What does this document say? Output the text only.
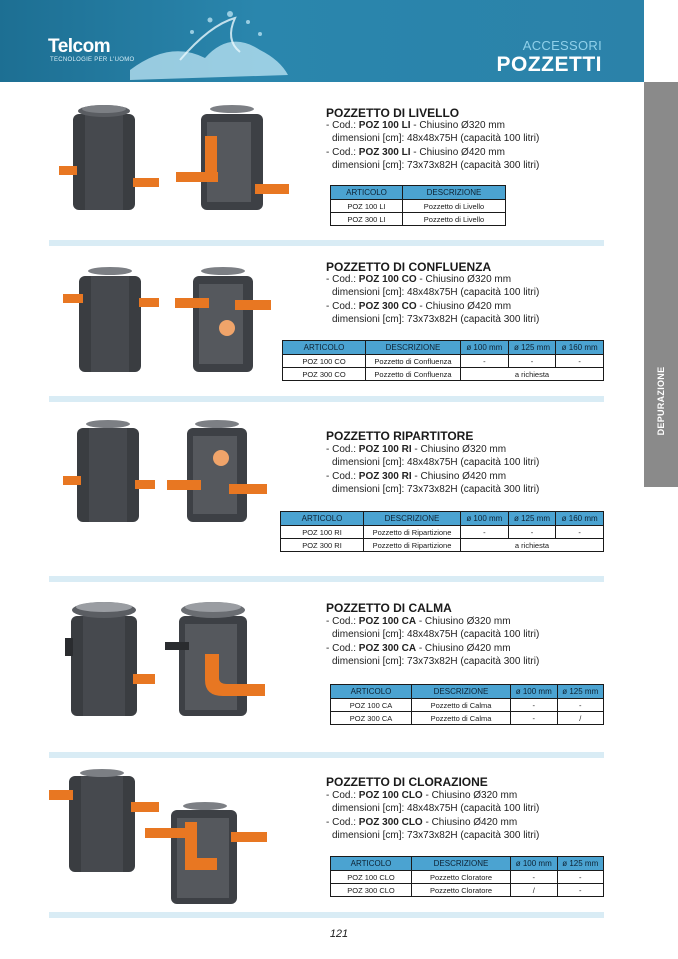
Telcom
TECNOLOGIE PER L'UOMO
ACCESSORI
POZZETTI
DEPURAZIONE
POZZETTO DI LIVELLO
- Cod.: POZ 100 LI - Chiusino Ø320 mm
dimensioni [cm]: 48x48x75H (capacità 100 litri)
- Cod.: POZ 300 LI - Chiusino Ø420 mm
dimensioni [cm]: 73x73x82H (capacità 300 litri)
ARTICOLO	DESCRIZIONE
POZ 100 LI	Pozzetto di Livello
POZ 300 LI	Pozzetto di Livello
POZZETTO DI CONFLUENZA
- Cod.: POZ 100 CO - Chiusino Ø320 mm
dimensioni [cm]: 48x48x75H (capacità 100 litri)
- Cod.: POZ 300 CO - Chiusino Ø420 mm
dimensioni [cm]: 73x73x82H (capacità 300 litri)
ARTICOLO	DESCRIZIONE	ø 100 mm	ø 125 mm	ø 160 mm
POZ 100 CO	Pozzetto di Confluenza	-	-	-
POZ 300 CO	Pozzetto di Confluenza	a richiesta		
POZZETTO RIPARTITORE
- Cod.: POZ 100 RI - Chiusino Ø320 mm
dimensioni [cm]: 48x48x75H (capacità 100 litri)
- Cod.: POZ 300 RI - Chiusino Ø420 mm
dimensioni [cm]: 73x73x82H (capacità 300 litri)
ARTICOLO	DESCRIZIONE	ø 100 mm	ø 125 mm	ø 160 mm
POZ 100 RI	Pozzetto di Ripartizione	-	-	-
POZ 300 RI	Pozzetto di Ripartizione	a richiesta		
POZZETTO DI CALMA
- Cod.: POZ 100 CA - Chiusino Ø320 mm
dimensioni [cm]: 48x48x75H (capacità 100 litri)
- Cod.: POZ 300 CA - Chiusino Ø420 mm
dimensioni [cm]: 73x73x82H (capacità 300 litri)
ARTICOLO	DESCRIZIONE	ø 100 mm	ø 125 mm
POZ 100 CA	Pozzetto di Calma	-	-
POZ 300 CA	Pozzetto di Calma	-	/
POZZETTO DI CLORAZIONE
- Cod.: POZ 100 CLO - Chiusino Ø320 mm
dimensioni [cm]: 48x48x75H (capacità 100 litri)
- Cod.: POZ 300 CLO - Chiusino Ø420 mm
dimensioni [cm]: 73x73x82H (capacità 300 litri)
ARTICOLO	DESCRIZIONE	ø 100 mm	ø 125 mm
POZ 100 CLO	Pozzetto Cloratore	-	-
POZ 300 CLO	Pozzetto Cloratore	/	-
121
